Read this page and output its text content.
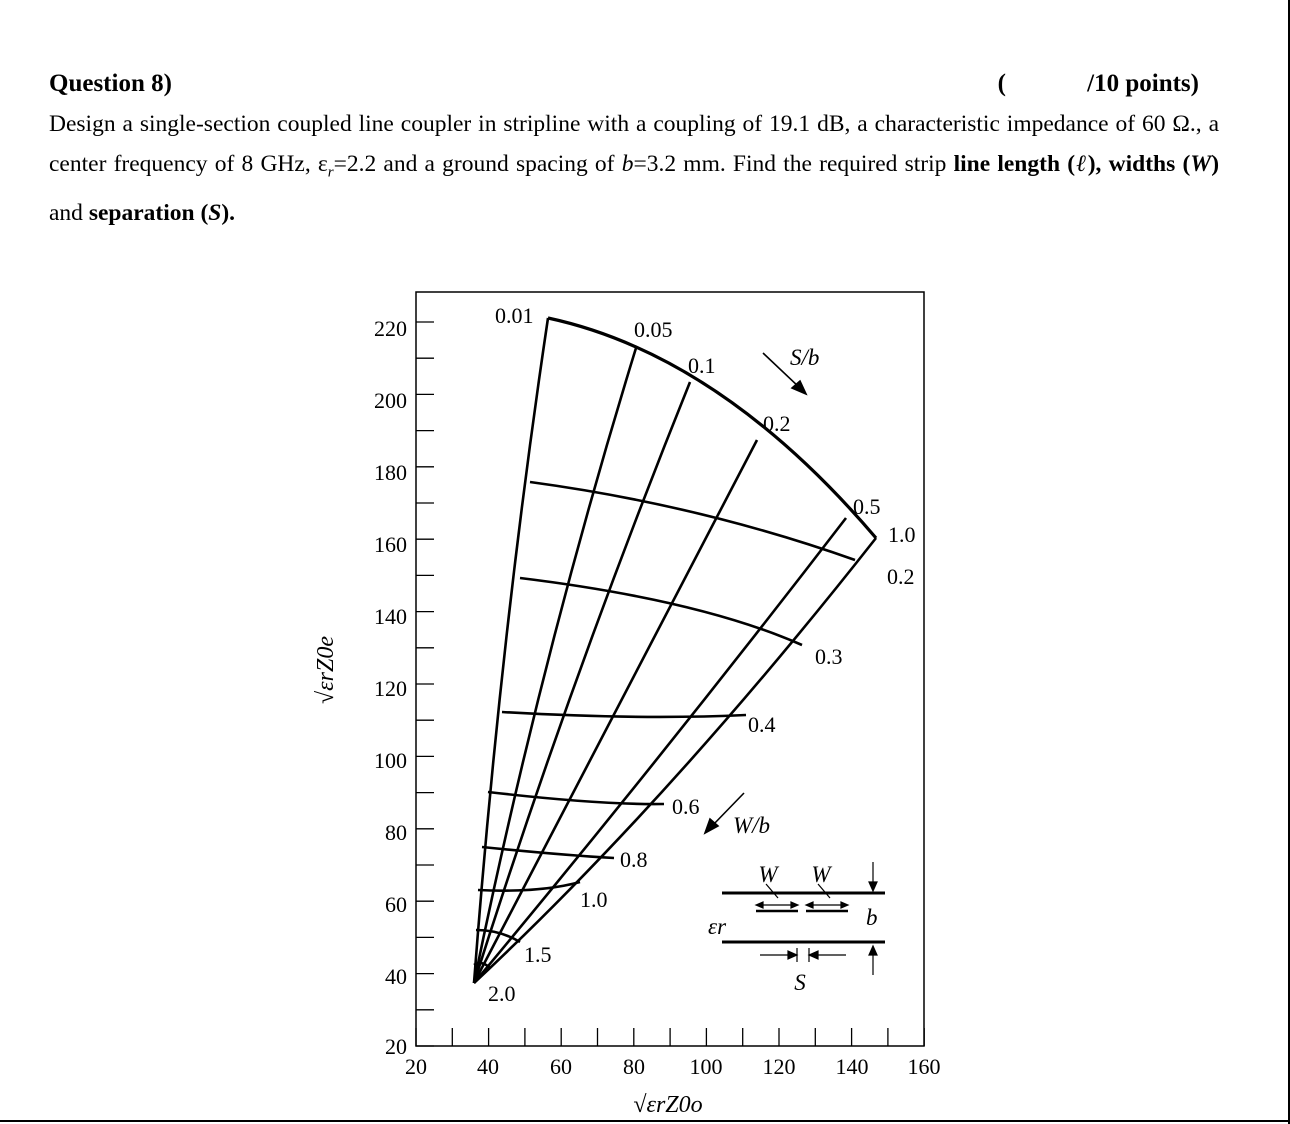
Question 8)	(	/10 points)

Design a single-section coupled line coupler in stripline with a coupling of 19.1 dB, a characteristic impedance of 60 Ω., a center frequency of 8 GHz, $\varepsilon_r=2.2$ and a ground spacing of b=3.2 mm. Find the required strip line length (ℓ), widths (W) and separation (S).

220
200
180
160
140
120
100
80
60
40
20
20 40 60 80 100 120 140 160
√εrZ0e
√εrZ0o
0.01
0.05
0.1
0.2
0.5
1.0
0.2
0.3
0.4
0.6
0.8
1.0
1.5
2.0
S/b
W/b
W W
b
S
εr
